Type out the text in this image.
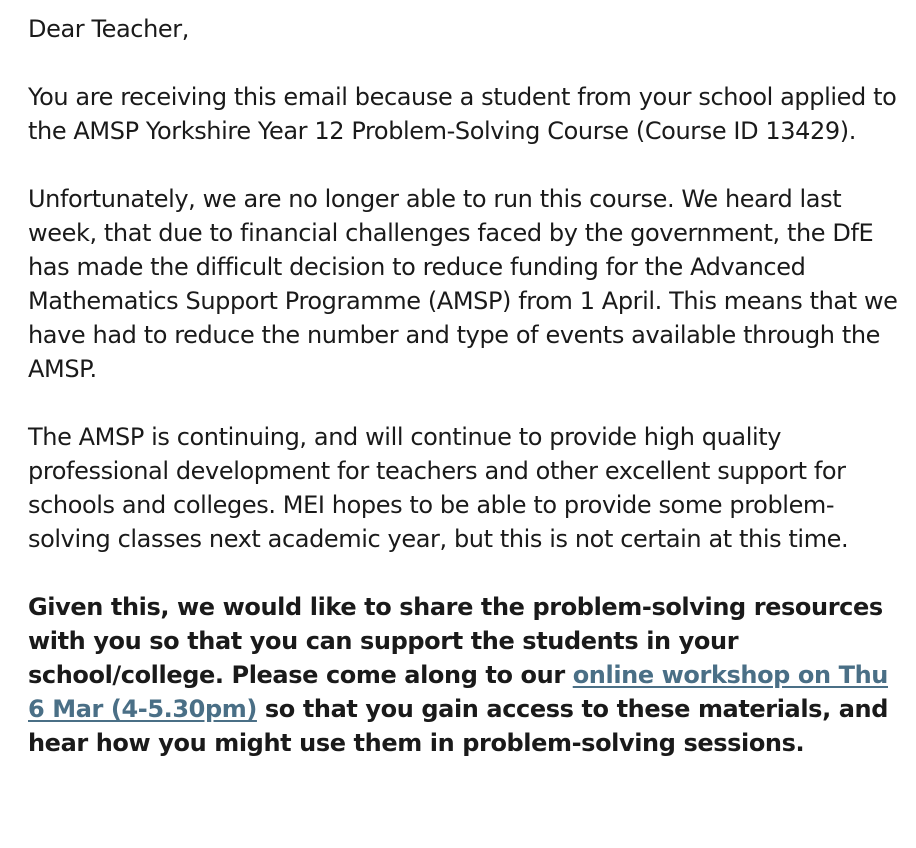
Dear Teacher,

You are receiving this email because a student from your school applied to the AMSP Yorkshire Year 12 Problem-Solving Course (Course ID 13429).

Unfortunately, we are no longer able to run this course. We heard last week, that due to financial challenges faced by the government, the DfE has made the difficult decision to reduce funding for the Advanced Mathematics Support Programme (AMSP) from 1 April. This means that we have had to reduce the number and type of events available through the AMSP.

The AMSP is continuing, and will continue to provide high quality professional development for teachers and other excellent support for schools and colleges. MEI hopes to be able to provide some problem-solving classes next academic year, but this is not certain at this time.

Given this, we would like to share the problem-solving resources with you so that you can support the students in your school/college. Please come along to our online workshop on Thu 6 Mar (4-5.30pm) so that you gain access to these materials, and hear how you might use them in problem-solving sessions.
